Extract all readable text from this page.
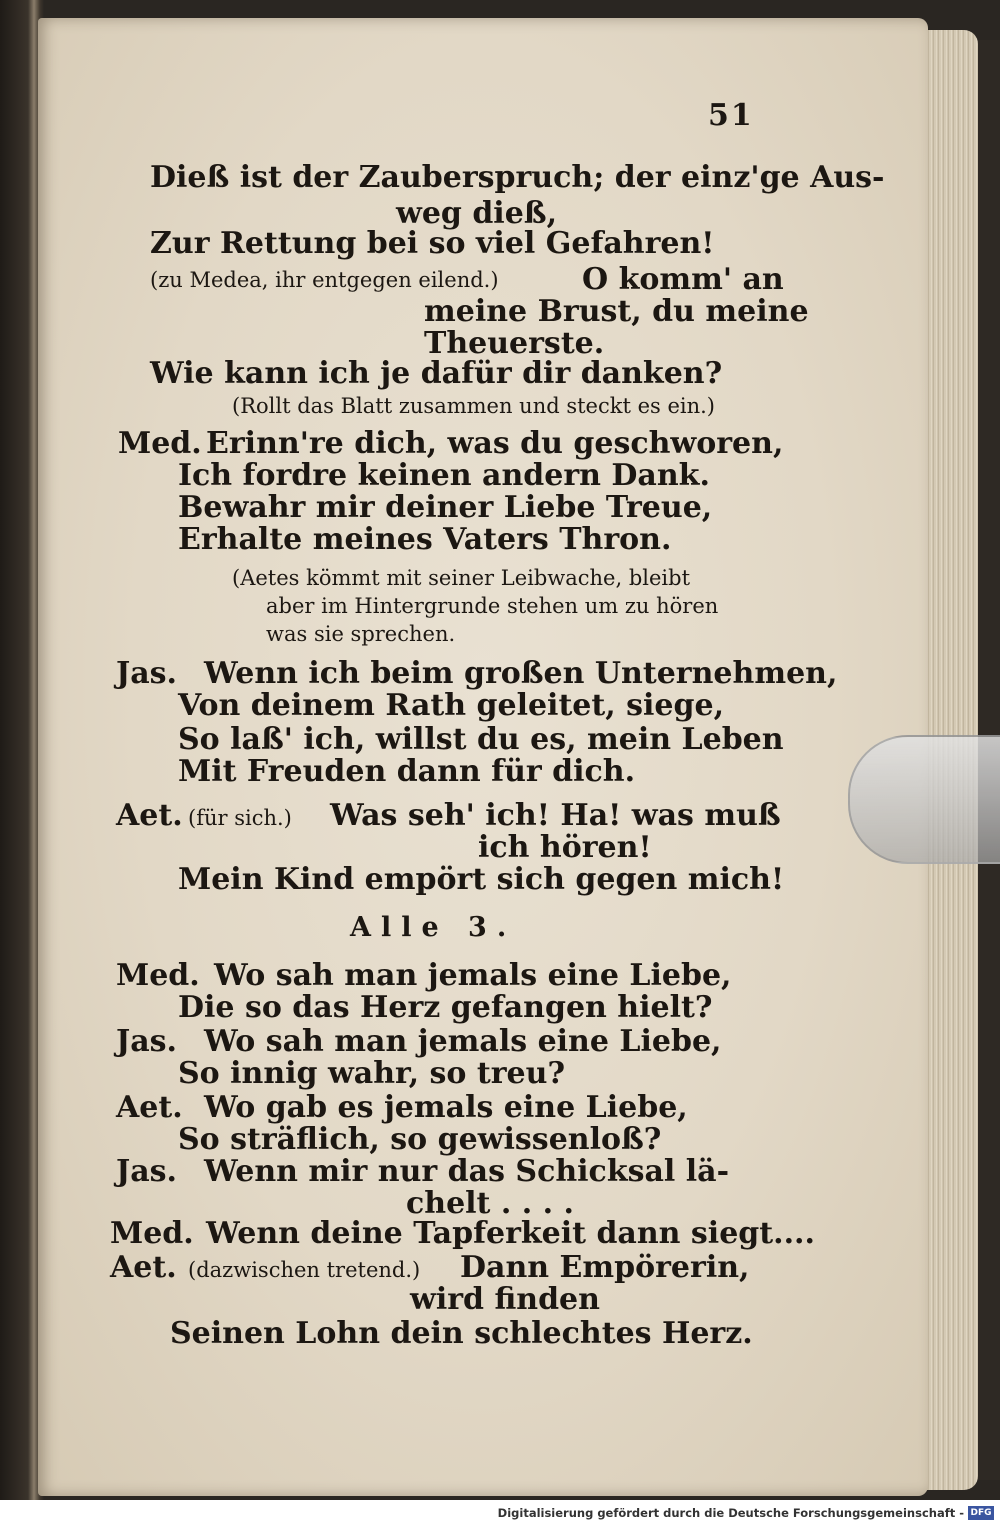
51
Dieß ist der Zauberspruch; der einz'ge Aus-
weg dieß,
Zur Rettung bei so viel Gefahren!
(zu Medea, ihr entgegen eilend.)	O komm' an
meine Brust, du meine
Theuerste.
Wie kann ich je dafür dir danken?
(Rollt das Blatt zusammen und steckt es ein.)
Med. Erinn're dich, was du geschworen,
Ich fordre keinen andern Dank.
Bewahr mir deiner Liebe Treue,
Erhalte meines Vaters Thron.
(Aetes kömmt mit seiner Leibwache, bleibt
aber im Hintergrunde stehen um zu hören
was sie sprechen.
Jas. Wenn ich beim großen Unternehmen,
Von deinem Rath geleitet, siege,
So laß' ich, willst du es, mein Leben
Mit Freuden dann für dich.
Aet. (für sich.) Was seh' ich! Ha! was muß
ich hören!
Mein Kind empört sich gegen mich!
Alle 3.
Med. Wo sah man jemals eine Liebe,
Die so das Herz gefangen hielt?
Jas. Wo sah man jemals eine Liebe,
So innig wahr, so treu?
Aet. Wo gab es jemals eine Liebe,
So sträflich, so gewissenloß?
Jas. Wenn mir nur das Schicksal lä-
chelt . . . .
Med. Wenn deine Tapferkeit dann siegt....
Aet. (dazwischen tretend.) Dann Empörerin,
wird finden
Seinen Lohn dein schlechtes Herz.
Digitalisierung gefördert durch die Deutsche Forschungsgemeinschaft - DFG
